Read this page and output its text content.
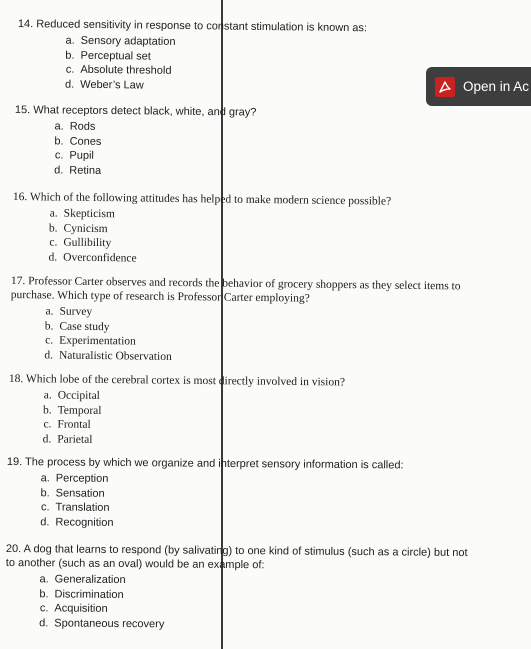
14. Reduced sensitivity in response to constant stimulation is known as:

a. Sensory adaptation
b. Perceptual set
c. Absolute threshold
d. Weber’s Law

15. What receptors detect black, white, and gray?

a. Rods
b. Cones
c. Pupil
d. Retina

16. Which of the following attitudes has helped to make modern science possible?

a. Skepticism
b. Cynicism
c. Gullibility
d. Overconfidence

17. Professor Carter observes and records the behavior of grocery shoppers as they select items to purchase. Which type of research is Professor Carter employing?

a. Survey
b. Case study
c. Experimentation
d. Naturalistic Observation

18. Which lobe of the cerebral cortex is most directly involved in vision?

a. Occipital
b. Temporal
c. Frontal
d. Parietal

19. The process by which we organize and interpret sensory information is called:

a. Perception
b. Sensation
c. Translation
d. Recognition

20. A dog that learns to respond (by salivating) to one kind of stimulus (such as a circle) but not to another (such as an oval) would be an example of:

a. Generalization
b. Discrimination
c. Acquisition
d. Spontaneous recovery
Open in Ac
